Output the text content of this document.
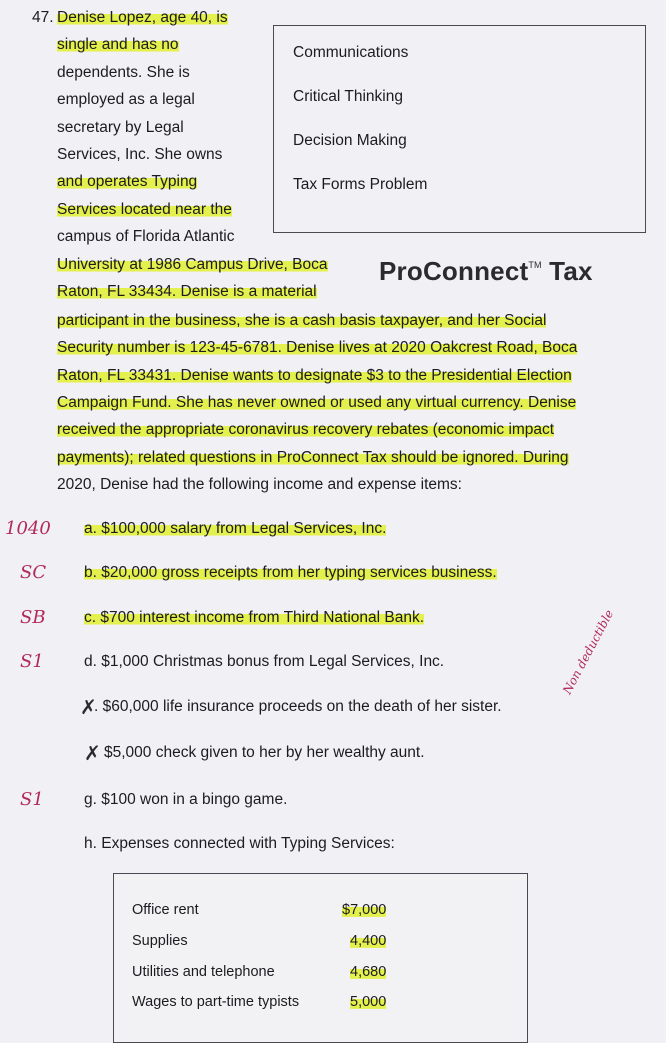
47. Denise Lopez, age 40, is
single and has no
dependents. She is
employed as a legal
secretary by Legal
Services, Inc. She owns
and operates Typing
Services located near the
campus of Florida Atlantic
University at 1986 Campus Drive, Boca
Raton, FL 33434. Denise is a material
Communications
Critical Thinking
Decision Making
Tax Forms Problem
ProConnect™ Tax
participant in the business, she is a cash basis taxpayer, and her Social
Security number is 123-45-6781. Denise lives at 2020 Oakcrest Road, Boca
Raton, FL 33431. Denise wants to designate $3 to the Presidential Election
Campaign Fund. She has never owned or used any virtual currency. Denise
received the appropriate coronavirus recovery rebates (economic impact
payments); related questions in ProConnect Tax should be ignored. During
2020, Denise had the following income and expense items:
1040 a. $100,000 salary from Legal Services, Inc.
SC b. $20,000 gross receipts from her typing services business.
SB c. $700 interest income from Third National Bank.
S1	d. $1,000 Christmas bonus from Legal Services, Inc.
✗
. $60,000 life insurance proceeds on the death of her sister.
Non deductible
✗ $5,000 check given to her by her wealthy aunt.
S1	g. $100 won in a bingo game.
h. Expenses connected with Typing Services:
Office rent	$7,000
Supplies	4,400
Utilities and telephone	4,680
Wages to part-time typists	5,000
